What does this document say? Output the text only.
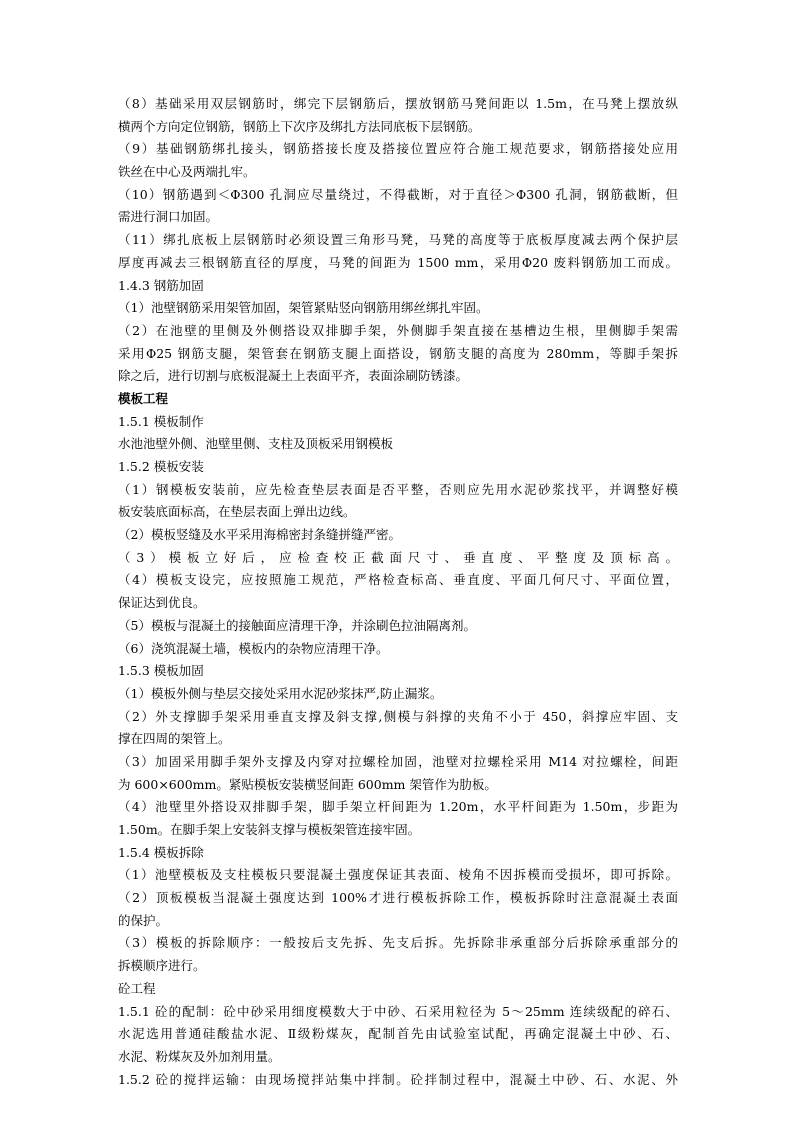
（8）基础采用双层钢筋时，绑完下层钢筋后，摆放钢筋马凳间距以 1.5m，在马凳上摆放纵
横两个方向定位钢筋，钢筋上下次序及绑扎方法同底板下层钢筋。
（9）基础钢筋绑扎接头，钢筋搭接长度及搭接位置应符合施工规范要求，钢筋搭接处应用
铁丝在中心及两端扎牢。
（10）钢筋遇到＜Φ300 孔洞应尽量绕过，不得截断，对于直径＞Φ300 孔洞，钢筋截断，但
需进行洞口加固。
（11）绑扎底板上层钢筋时必须设置三角形马凳，马凳的高度等于底板厚度减去两个保护层
厚度再减去三根钢筋直径的厚度，马凳的间距为 1500 mm，采用Φ20 废料钢筋加工而成。
1.4.3 钢筋加固
（1）池壁钢筋采用架管加固，架管紧贴竖向钢筋用绑丝绑扎牢固。
（2）在池壁的里侧及外侧搭设双排脚手架，外侧脚手架直接在基槽边生根，里侧脚手架需
采用Φ25 钢筋支腿，架管套在钢筋支腿上面搭设，钢筋支腿的高度为 280mm，等脚手架拆
除之后，进行切割与底板混凝土上表面平齐，表面涂刷防锈漆。
模板工程
1.5.1 模板制作
水池池壁外侧、池壁里侧、支柱及顶板采用钢模板
1.5.2 模板安装
（1）钢模板安装前，应先检查垫层表面是否平整，否则应先用水泥砂浆找平，并调整好模
板安装底面标高，在垫层表面上弹出边线。
（2）模板竖缝及水平采用海棉密封条缝拼缝严密。
（3）模板立好后，应检查校正截面尺寸、垂直度、平整度及顶标高。
（4）模板支设完，应按照施工规范，严格检查标高、垂直度、平面几何尺寸、平面位置，
保证达到优良。
（5）模板与混凝土的接触面应清理干净，并涂刷色拉油隔离剂。
（6）浇筑混凝土墙，模板内的杂物应清理干净。
1.5.3 模板加固
（1）模板外侧与垫层交接处采用水泥砂浆抹严,防止漏浆。
（2）外支撑脚手架采用垂直支撑及斜支撑,侧模与斜撑的夹角不小于 450，斜撑应牢固、支
撑在四周的架管上。
（3）加固采用脚手架外支撑及内穿对拉螺栓加固，池壁对拉螺栓采用 M14 对拉螺栓，间距
为 600×600mm。紧贴模板安装横竖间距 600mm 架管作为肋板。
（4）池壁里外搭设双排脚手架，脚手架立杆间距为 1.20m，水平杆间距为 1.50m，步距为
1.50m。在脚手架上安装斜支撑与模板架管连接牢固。
1.5.4 模板拆除
（1）池壁模板及支柱模板只要混凝土强度保证其表面、棱角不因拆模而受损坏，即可拆除。
（2）顶板模板当混凝土强度达到 100%才进行模板拆除工作，模板拆除时注意混凝土表面
的保护。
（3）模板的拆除顺序：一般按后支先拆、先支后拆。先拆除非承重部分后拆除承重部分的
拆模顺序进行。
砼工程
1.5.1 砼的配制：砼中砂采用细度模数大于中砂、石采用粒径为 5～25mm 连续级配的碎石、
水泥选用普通硅酸盐水泥、Ⅱ级粉煤灰，配制首先由试验室试配，再确定混凝土中砂、石、
水泥、粉煤灰及外加剂用量。
1.5.2 砼的搅拌运输：由现场搅拌站集中拌制。砼拌制过程中，混凝土中砂、石、水泥、外
